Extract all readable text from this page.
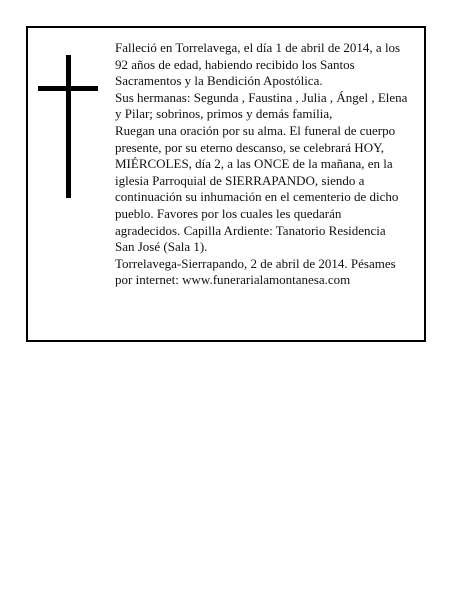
Falleció en Torrelavega, el día 1 de abril de 2014, a los

92 años de edad, habiendo recibido los Santos

Sacramentos y la Bendición Apostólica.

Sus hermanas: Segunda , Faustina , Julia , Ángel , Elena

y Pilar; sobrinos, primos y demás familia,

Ruegan una oración por su alma. El funeral de cuerpo

presente, por su eterno descanso, se celebrará HOY,

MIÉRCOLES, día 2, a las ONCE de la mañana, en la

iglesia Parroquial de SIERRAPANDO, siendo a

continuación su inhumación en el cementerio de dicho

pueblo. Favores por los cuales les quedarán

agradecidos. Capilla Ardiente: Tanatorio Residencia

San José (Sala 1).

Torrelavega-Sierrapando, 2 de abril de 2014. Pésames

por internet: www.funerarialamontanesa.com
